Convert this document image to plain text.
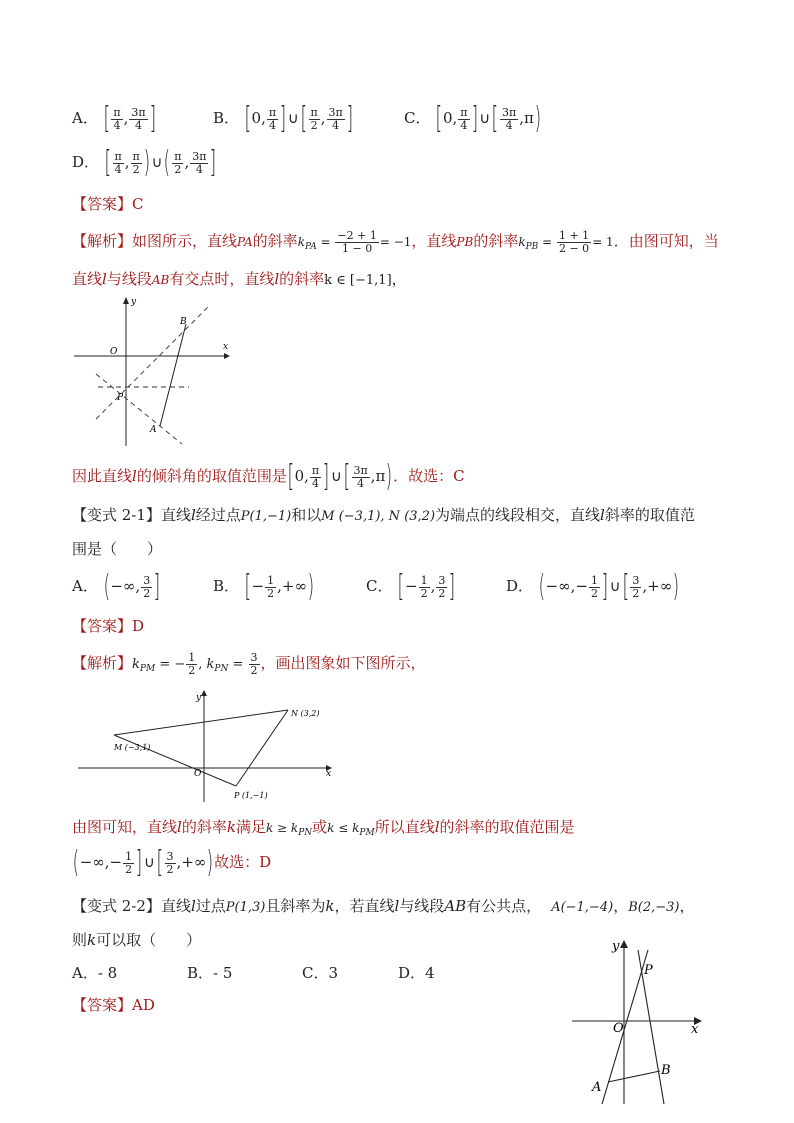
A． [ $\frac{\pi}{4}$ , $\frac{3\pi}{4}$ ]	B． [0, $\frac{\pi}{4}$ ] ∪[ $\frac{\pi}{2}$ , $\frac{3\pi}{4}$ ]	C． [0, $\frac{\pi}{4}$ ] ∪[ $\frac{3\pi}{4} ,\pi$)
D． [ $\frac{\pi}{4}$ , $\frac{\pi}{2}$ ) ∪( $\frac{\pi}{2}$ , $\frac{3\pi}{4}$ ]
【答案】C
【解析】如图所示，直线PA的斜率$k_{PA} = \frac{-2 + 1}{1 - 0} = -1$，直线PB的斜率$k_{PB} = \frac{1 + 1}{2 - 0} = 1$．由图可知，当
直线l与线段AB有交点时，直线l的斜率k ∈ [−1,1]，
O	x
y
P
B
A
因此直线l的倾斜角的取值范围是[0, $\frac{\pi}{4}$ ] ∪[ $\frac{3\pi}{4} ,\pi$)．故选：C
【变式 2-1】直线l经过点P(1,−1)和以M (−3,1), N (3,2)为端点的线段相交，直线l斜率的取值范
围是（　　）
A． (−∞, $\frac{3}{2}$ ]	B． [− $\frac{1}{2}$ ,+∞)	C． [− $\frac{1}{2}$ , $\frac{3}{2}$ ]	D． (−∞,− $\frac{1}{2}$ ] ∪[ $\frac{3}{2}$ ,+∞)
【答案】D
【解析】$k_{PM}$ = − $\frac{1}{2}$ , $k_{PN} = \frac{3}{2}$ ，画出图象如下图所示，
O	x
y
M (−3,1)
N (3,2)
P (1,−1)
由图可知，直线l的斜率k满足$k \ge k_{PN}$或$k \le k_{PM}$所以直线l的斜率的取值范围是
(−∞,− $\frac{1}{2}$ ] ∪[ $\frac{3}{2}$ ,+∞)故选：D
【变式 2-2】直线l过点P(1,3)且斜率为k，若直线l与线段AB有公共点， A(−1,−4)，B(2,−3)，
则k可以取（　　）
A．- 8	B．- 5	C．3	D．4
【答案】AD
O	x
y
P
A
B
